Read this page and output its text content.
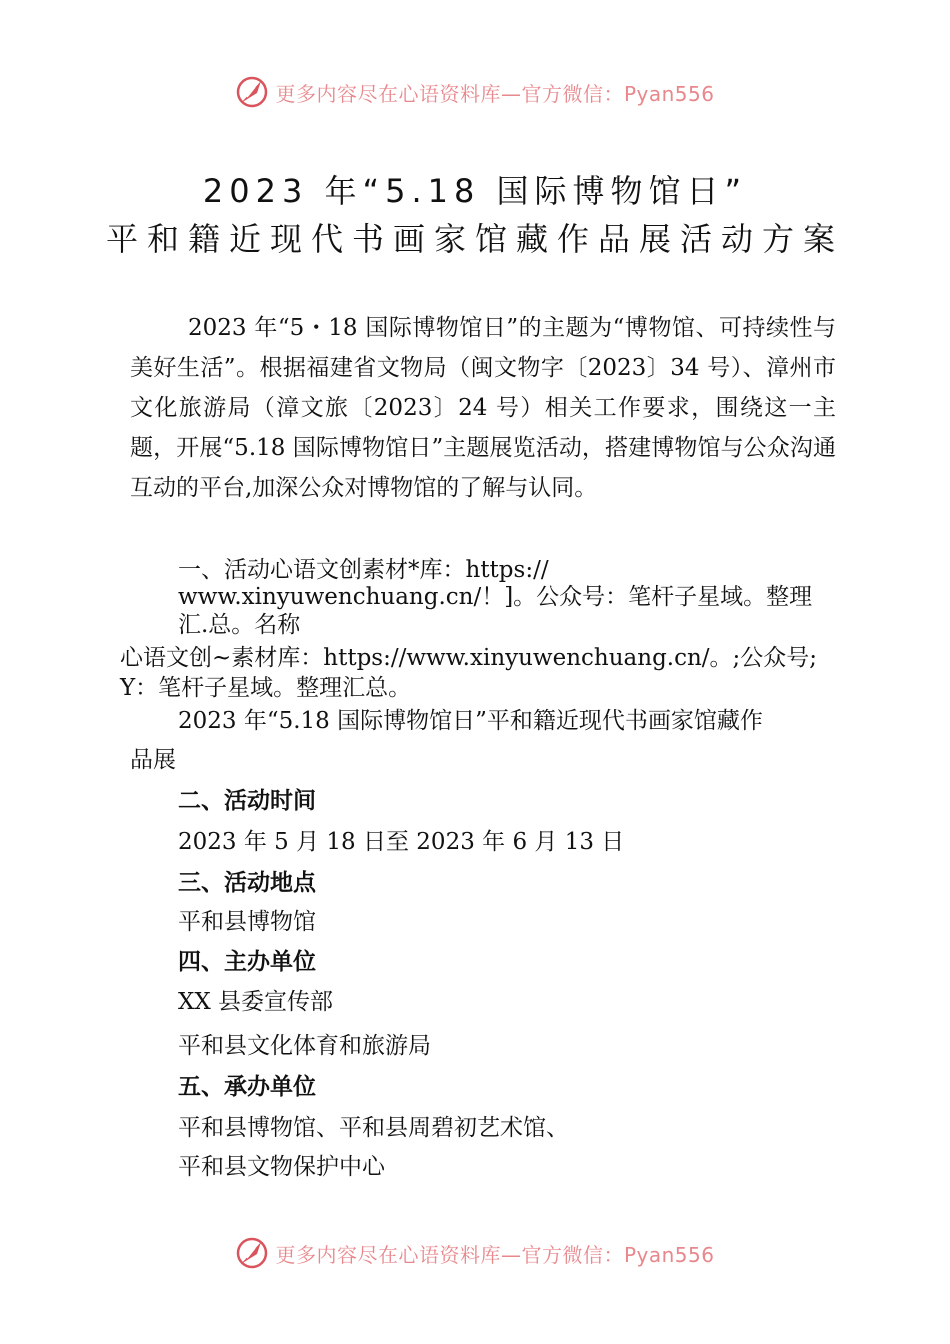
更多内容尽在心语资料库—官方微信：Pyan556
2023 年“5.18 国际博物馆日”
平和籍近现代书画家馆藏作品展活动方案
2023 年“5・18 国际博物馆日”的主题为“博物馆、可持续性与美好生活”。根据福建省文物局（闽文物字〔2023〕34 号）、漳州市文化旅游局（漳文旅〔2023〕24 号）相关工作要求，围绕这一主题，开展“5.18 国际博物馆日”主题展览活动，搭建博物馆与公众沟通互动的平台,加深公众对博物馆的了解与认同。
一、活动心语文创素材*库：https://
www.xinyuwenchuang.cn/！]。公众号：笔杆子星域。整理
汇.总。名称
心语文创~素材库：https://www.xinyuwenchuang.cn/。;公众号;
Y：笔杆子星域。整理汇总。
2023 年“5.18 国际博物馆日”平和籍近现代书画家馆藏作
品展
二、活动时间
2023 年 5 月 18 日至 2023 年 6 月 13 日
三、活动地点
平和县博物馆
四、主办单位
XX 县委宣传部
平和县文化体育和旅游局
五、承办单位
平和县博物馆、平和县周碧初艺术馆、
平和县文物保护中心
更多内容尽在心语资料库—官方微信：Pyan556
